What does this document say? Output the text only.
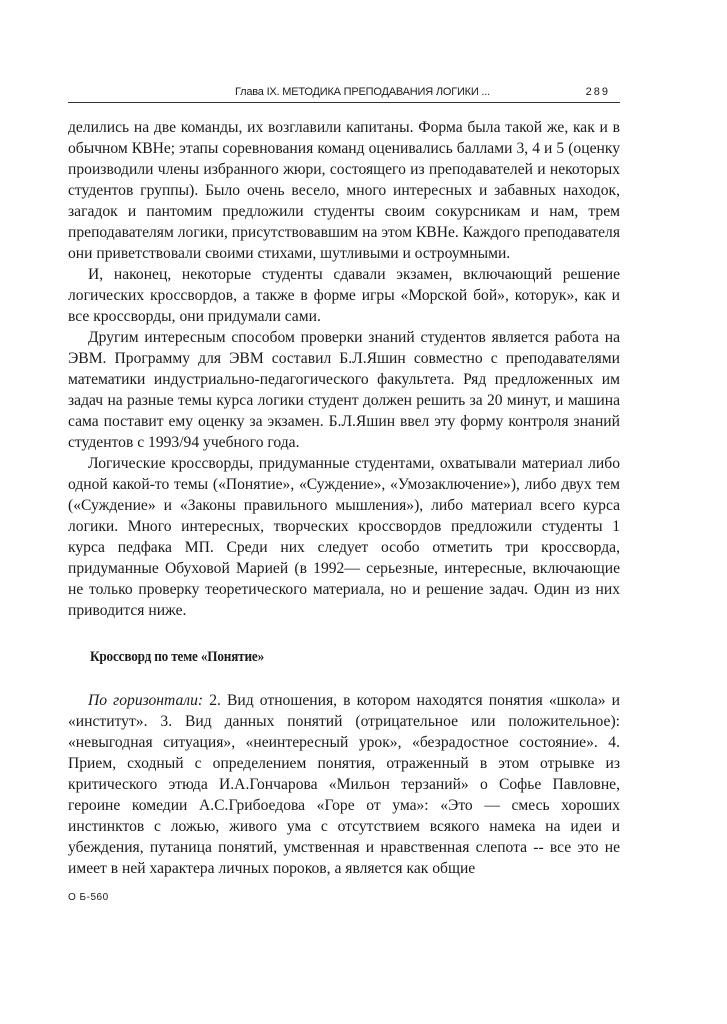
Глава IX. МЕТОДИКА ПРЕПОДАВАНИЯ ЛОГИКИ ...	289

делились на две команды, их возглавили капитаны. Форма была такой же, как и в обычном КВНе; этапы соревнования команд оценивались баллами 3, 4 и 5 (оценку производили члены избранного жюри, состоящего из преподавателей и некоторых студентов группы). Было очень весело, много интересных и забавных находок, загадок и пантомим предложили студенты своим сокурсникам и нам, трем преподавателям логики, присутствовавшим на этом КВНе. Каждого преподавателя они приветствовали своими стихами, шутливыми и остроумными.

И, наконец, некоторые студенты сдавали экзамен, включающий решение логических кроссвордов, а также в форме игры «Морской бой», которук», как и все кроссворды, они придумали сами.

Другим интересным способом проверки знаний студентов является работа на ЭВМ. Программу для ЭВМ составил Б.Л.Яшин совместно с преподавателями математики индустриально-педагогического факультета. Ряд предложенных им задач на разные темы курса логики студент должен решить за 20 минут, и машина сама поставит ему оценку за экзамен. Б.Л.Яшин ввел эту форму контроля знаний студентов с 1993/94 учебного года.

Логические кроссворды, придуманные студентами, охватывали материал либо одной какой-то темы («Понятие», «Суждение», «Умозаключение»), либо двух тем («Суждение» и «Законы правильного мышления»), либо материал всего курса логики. Много интересных, творческих кроссвордов предложили студенты 1 курса педфака МП. Среди них следует особо отметить три кроссворда, придуманные Обуховой Марией (в 1992— серьезные, интересные, включающие не только проверку теоретического материала, но и решение задач. Один из них приводится ниже.

Кроссворд по теме «Понятие»

По горизонтали: 2. Вид отношения, в котором находятся понятия «школа» и «институт». 3. Вид данных понятий (отрицательное или положительное): «невыгодная ситуация», «неинтересный урок», «безрадостное состояние». 4. Прием, сходный с определением понятия, отраженный в этом отрывке из критического этюда И.А.Гончарова «Мильон терзаний» о Софье Павловне, героине комедии А.С.Грибоедова «Горе от ума»: «Это — смесь хороших инстинктов с ложью, живого ума с отсутствием всякого намека на идеи и убеждения, путаница понятий, умственная и нравственная слепота -- все это не имеет в ней характера личных пороков, а является как общие

О Б-560
